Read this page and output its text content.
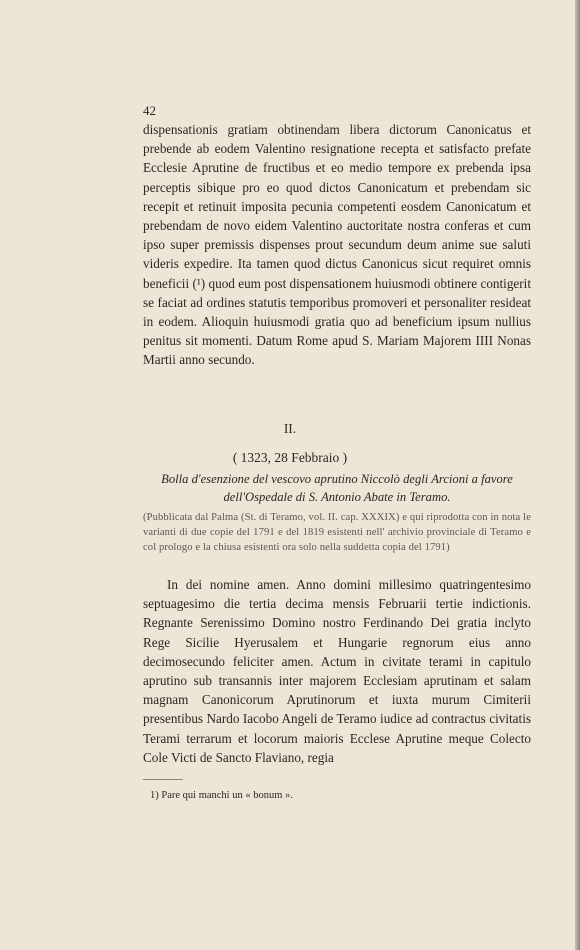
42

dispensationis gratiam obtinendam libera dictorum Canonicatus et prebende ab eodem Valentino resignatione recepta et satisfacto prefate Ecclesie Aprutine de fructibus et eo medio tempore ex prebenda ipsa perceptis sibique pro eo quod dictos Canonicatum et prebendam sic recepit et retinuit imposita pecunia competenti eosdem Canonicatum et prebendam de novo eidem Valentino auctoritate nostra conferas et cum ipso super premissis dispenses prout secundum deum anime sue saluti videris expedire. Ita tamen quod dictus Canonicus sicut requiret omnis beneficii (¹) quod eum post dispensationem huiusmodi obtinere contigerit se faciat ad ordines statutis temporibus promoveri et personaliter resideat in eodem. Alioquin huiusmodi gratia quo ad beneficium ipsum nullius penitus sit momenti. Datum Rome apud S. Mariam Majorem IIII Nonas Martii anno secundo.

II.
( 1323, 28 Febbraio )
Bolla d'esenzione del vescovo aprutino Niccolò degli Arcioni a favore dell'Ospedale di S. Antonio Abate in Teramo.
(Pubblicata dal Palma (St. di Teramo, vol. II. cap. XXXIX) e qui riprodotta con in nota le varianti di due copie del 1791 e del 1819 esistenti nell' archivio provinciale di Teramo e col prologo e la chiusa esistenti ora solo nella suddetta copia del 1791)

In dei nomine amen. Anno domini millesimo quatringentesimo septuagesimo die tertia decima mensis Februarii tertie indictionis. Regnante Serenissimo Domino nostro Ferdinando Dei gratia inclyto Rege Sicilie Hyerusalem et Hungarie regnorum eius anno decimosecundo feliciter amen. Actum in civitate terami in capitulo aprutino sub transannis inter majorem Ecclesiam aprutinam et salam magnam Canonicorum Aprutinorum et iuxta murum Cimiterii presentibus Nardo Iacobo Angeli de Teramo iudice ad contractus civitatis Terami terrarum et locorum maioris Ecclese Aprutine meque Colecto Cole Victi de Sancto Flaviano, regia

1) Pare qui manchi un « bonum ».
